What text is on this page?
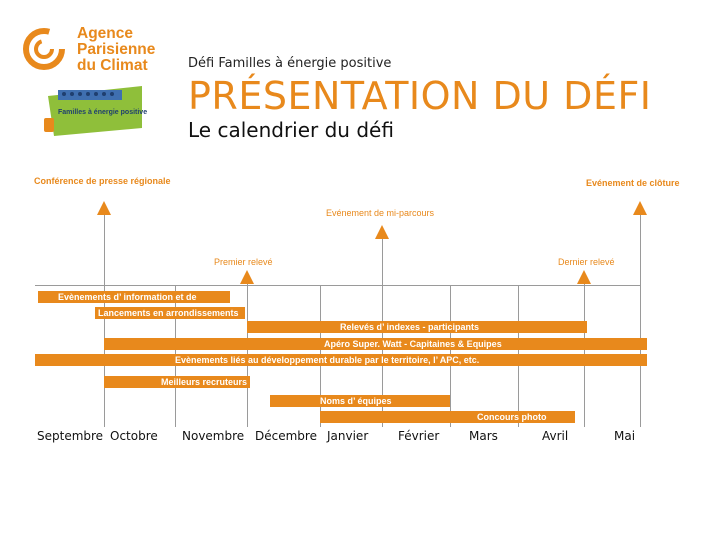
Agence
Parisienne
du Climat
Familles à énergie positive
Défi Familles à énergie positive
PRÉSENTATION DU DÉFI
Le calendrier du défi
Conférence de presse régionale	Evénement de clôture
Evénement de mi-parcours
Premier relevé	Dernier relevé
Evènements d’ information et de
Lancements en arrondissements
Relevés d’ indexes - participants
Apéro Super. Watt - Capitaines & Equipes
Evènements liés au développement durable par le territoire, l’ APC, etc.
Meilleurs recruteurs
Noms d’ équipes
Concours photo
Septembre Octobre Novembre Décembre Janvier Février Mars	Avril	Mai
